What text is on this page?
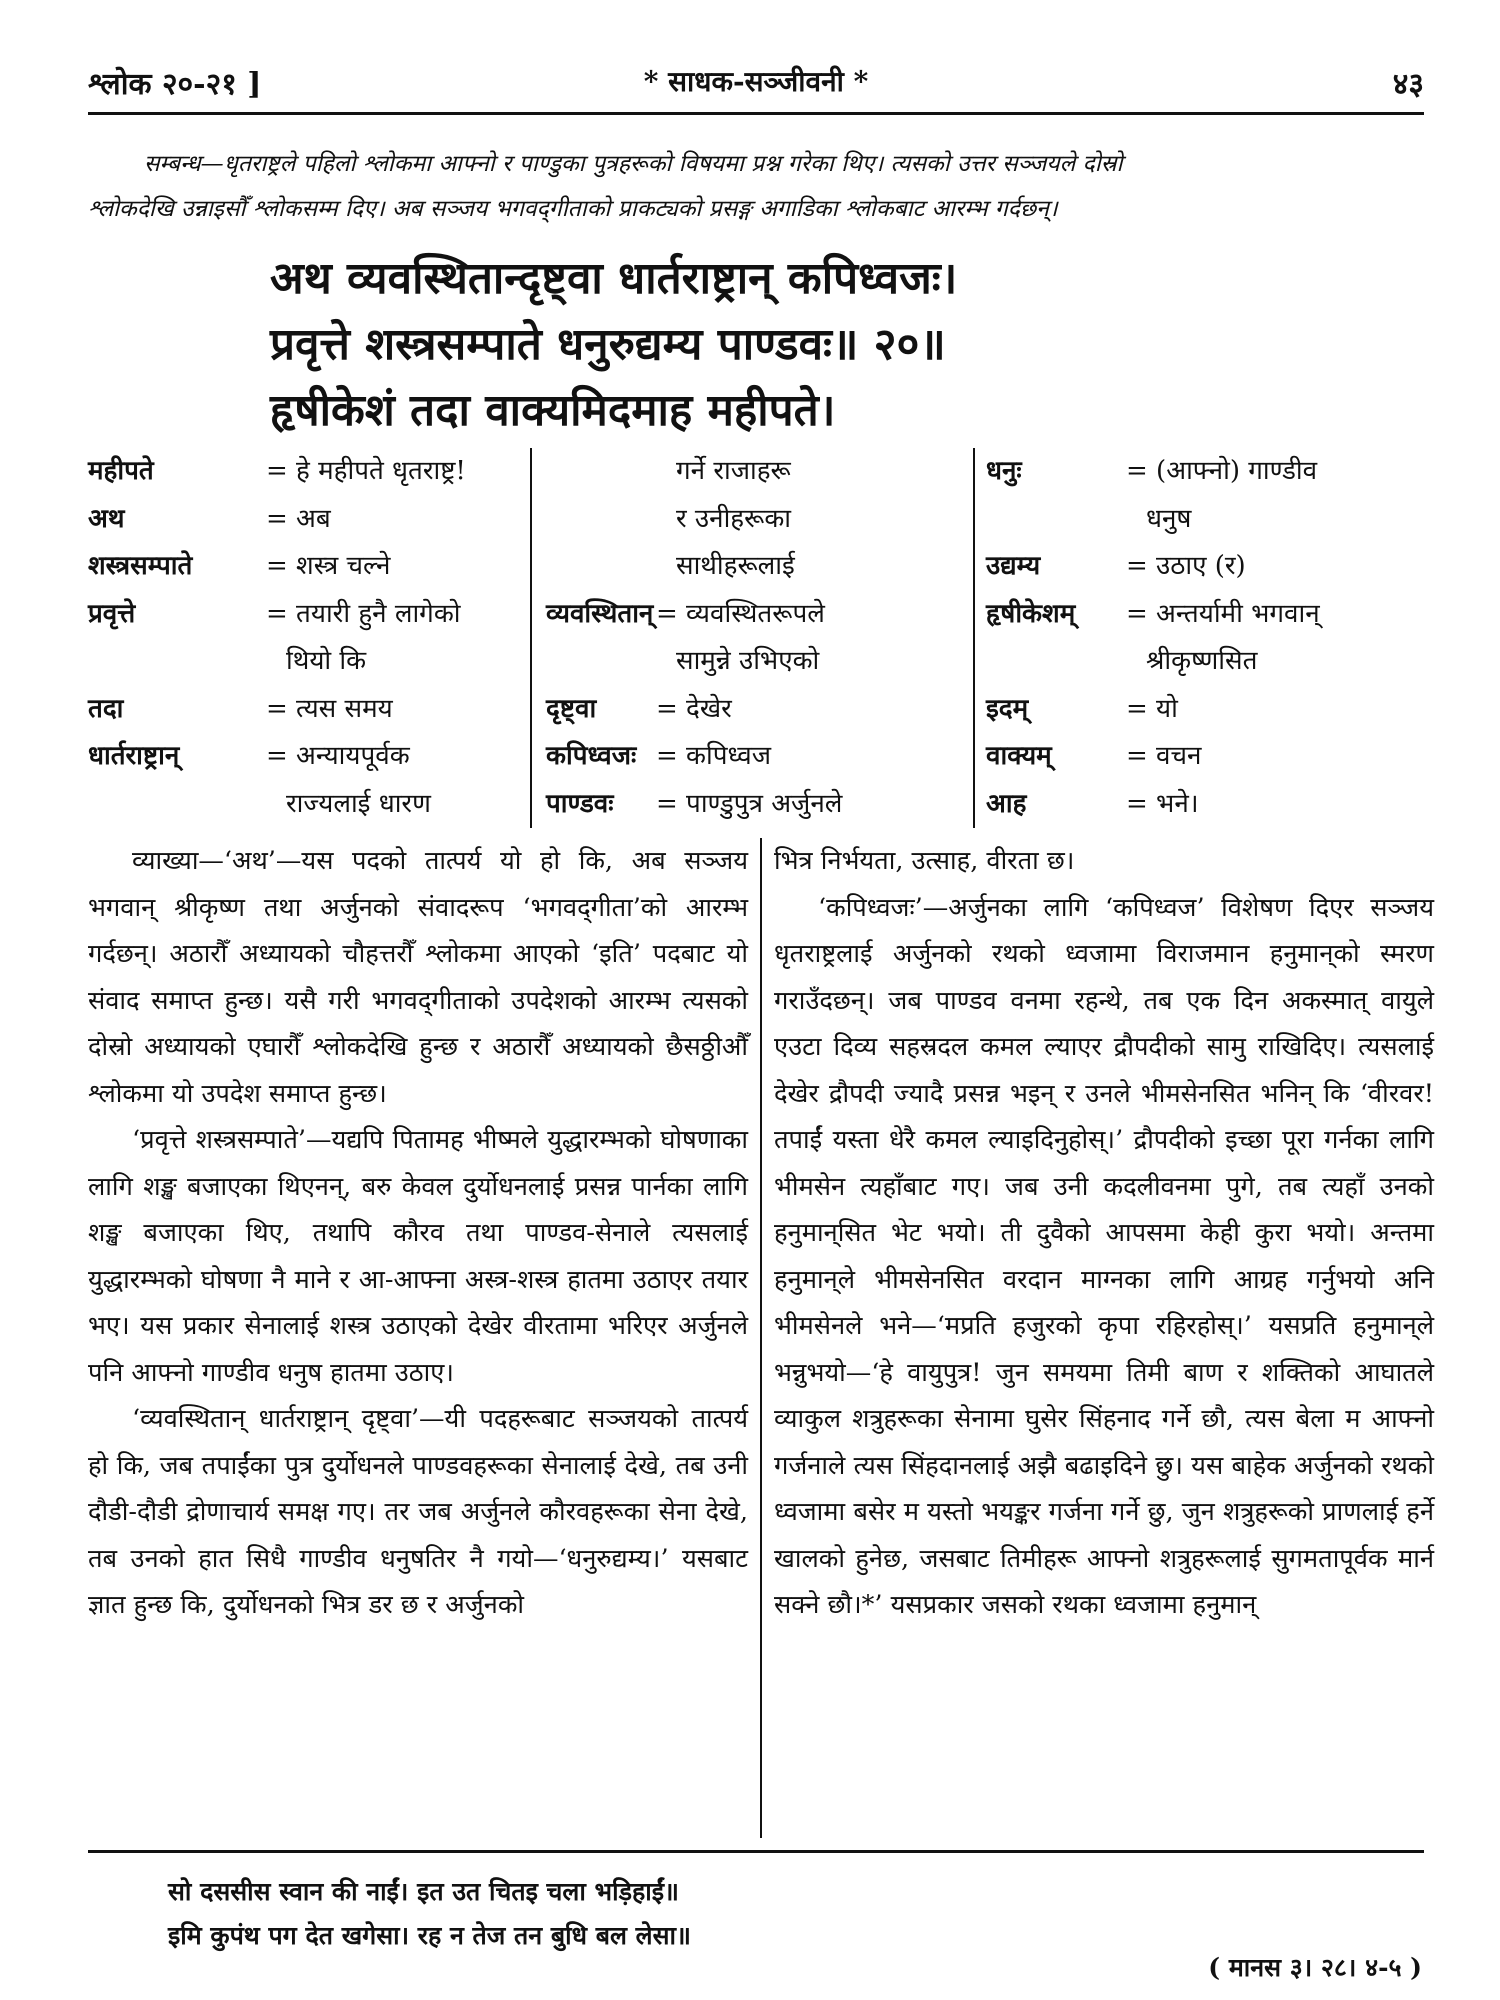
श्लोक २०-२१ ]	* साधक-सञ्जीवनी *	४३

सम्बन्ध—धृतराष्ट्रले पहिलो श्लोकमा आफ्नो र पाण्डुका पुत्रहरूको विषयमा प्रश्न गरेका थिए। त्यसको उत्तर सञ्जयले दोस्रो

श्लोकदेखि उन्नाइसौँ श्लोकसम्म दिए। अब सञ्जय भगवद्‌गीताको प्राकट्यको प्रसङ्ग अगाडिका श्लोकबाट आरम्भ गर्दछन्।

अथ व्यवस्थितान्दृष्ट्वा धार्तराष्ट्रान् कपिध्वजः।
प्रवृत्ते शस्त्रसम्पाते धनुरुद्यम्य पाण्डवः॥ २०॥
हृषीकेशं तदा वाक्यमिदमाह महीपते।
महीपते	= हे महीपते धृतराष्ट्र!
अथ	= अब
शस्त्रसम्पाते	= शस्त्र चल्ने
प्रवृत्ते	= तयारी हुनै लागेको
थियो कि
तदा	= त्यस समय
धार्तराष्ट्रान्	= अन्यायपूर्वक
राज्यलाई धारण
गर्ने राजाहरू
र उनीहरूका
साथीहरूलाई
व्यवस्थितान् = व्यवस्थितरूपले
सामुन्ने उभिएको
दृष्ट्वा = देखेर
कपिध्वजः = कपिध्वज
पाण्डवः = पाण्डुपुत्र अर्जुनले
धनुः	= (आफ्नो) गाण्डीव
धनुष
उद्यम्य	= उठाए (र)
हृषीकेशम् = अन्तर्यामी भगवान्
श्रीकृष्णसित
इदम्	= यो
वाक्यम्	= वचन
आह	= भने।

व्याख्या—‘अथ’—यस पदको तात्पर्य यो हो कि, अब सञ्जय भगवान् श्रीकृष्ण तथा अर्जुनको संवादरूप ‘भगवद्‌गीता’को आरम्भ गर्दछन्। अठारौँ अध्यायको चौहत्तरौँ श्लोकमा आएको ‘इति’ पदबाट यो संवाद समाप्त हुन्छ। यसै गरी भगवद्‌गीताको उपदेशको आरम्भ त्यसको दोस्रो अध्यायको एघारौँ श्लोकदेखि हुन्छ र अठारौँ अध्यायको छैसठ्ठीऔँ श्लोकमा यो उपदेश समाप्त हुन्छ।

‘प्रवृत्ते शस्त्रसम्पाते’—यद्यपि पितामह भीष्मले युद्धारम्भको घोषणाका लागि शङ्ख बजाएका थिएनन्, बरु केवल दुर्योधनलाई प्रसन्न पार्नका लागि शङ्ख बजाएका थिए, तथापि कौरव तथा पाण्डव-सेनाले त्यसलाई युद्धारम्भको घोषणा नै माने र आ-आफ्ना अस्त्र-शस्त्र हातमा उठाएर तयार भए। यस प्रकार सेनालाई शस्त्र उठाएको देखेर वीरतामा भरिएर अर्जुनले पनि आफ्नो गाण्डीव धनुष हातमा उठाए।

‘व्यवस्थितान् धार्तराष्ट्रान् दृष्ट्वा’—यी पदहरूबाट सञ्जयको तात्पर्य हो कि, जब तपाईंका पुत्र दुर्योधनले पाण्डवहरूका सेनालाई देखे, तब उनी दौडी-दौडी द्रोणाचार्य समक्ष गए। तर जब अर्जुनले कौरवहरूका सेना देखे, तब उनको हात सिधै गाण्डीव धनुषतिर नै गयो—‘धनुरुद्यम्य।’ यसबाट ज्ञात हुन्छ कि, दुर्योधनको भित्र डर छ र अर्जुनको

भित्र निर्भयता, उत्साह, वीरता छ।

‘कपिध्वजः’—अर्जुनका लागि ‘कपिध्वज’ विशेषण दिएर सञ्जय धृतराष्ट्रलाई अर्जुनको रथको ध्वजामा विराजमान हनुमान्‌को स्मरण गराउँदछन्। जब पाण्डव वनमा रहन्थे, तब एक दिन अकस्मात् वायुले एउटा दिव्य सहस्रदल कमल ल्याएर द्रौपदीको सामु राखिदिए। त्यसलाई देखेर द्रौपदी ज्यादै प्रसन्न भइन् र उनले भीमसेनसित भनिन् कि ‘वीरवर! तपाईं यस्ता धेरै कमल ल्याइदिनुहोस्।’ द्रौपदीको इच्छा पूरा गर्नका लागि भीमसेन त्यहाँबाट गए। जब उनी कदलीवनमा पुगे, तब त्यहाँ उनको हनुमान्‌सित भेट भयो। ती दुवैको आपसमा केही कुरा भयो। अन्तमा हनुमान्‌ले भीमसेनसित वरदान माग्नका लागि आग्रह गर्नुभयो अनि भीमसेनले भने—‘मप्रति हजुरको कृपा रहिरहोस्।’ यसप्रति हनुमान्‌ले भन्नुभयो—‘हे वायुपुत्र! जुन समयमा तिमी बाण र शक्तिको आघातले व्याकुल शत्रुहरूका सेनामा घुसेर सिंहनाद गर्ने छौ, त्यस बेला म आफ्नो गर्जनाले त्यस सिंहदानलाई अझै बढाइदिने छु। यस बाहेक अर्जुनको रथको ध्वजामा बसेर म यस्तो भयङ्कर गर्जना गर्ने छु, जुन शत्रुहरूको प्राणलाई हर्ने खालको हुनेछ, जसबाट तिमीहरू आफ्नो शत्रुहरूलाई सुगमतापूर्वक मार्न सक्ने छौ।*’ यसप्रकार जसको रथका ध्वजामा हनुमान्

सो दससीस स्वान की नाईं। इत उत चितइ चला भड़िहाईं॥
इमि कुपंथ पग देत खगेसा। रह न तेज तन बुधि बल लेसा॥
( मानस ३। २८। ४-५ )
